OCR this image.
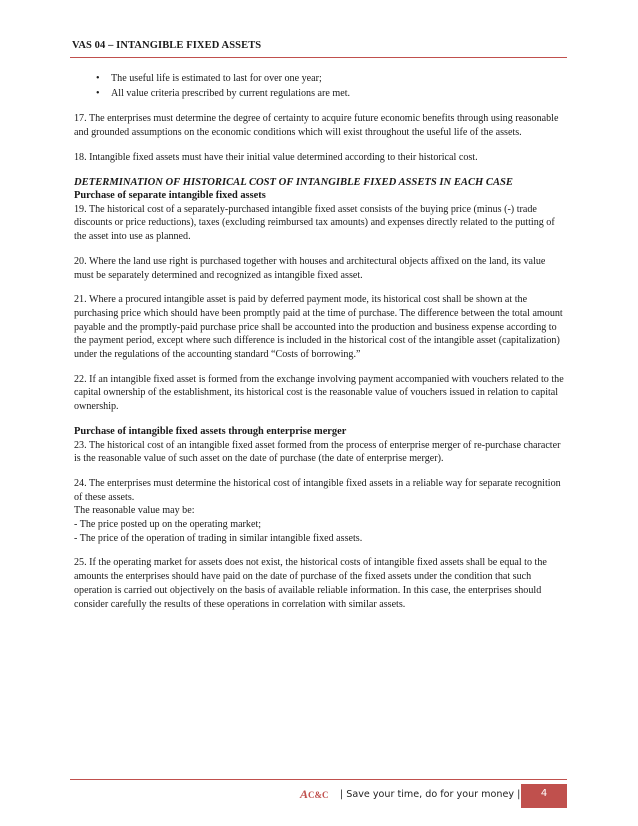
VAS 04 – INTANGIBLE FIXED ASSETS
• The useful life is estimated to last for over one year;
• All value criteria prescribed by current regulations are met.

17. The enterprises must determine the degree of certainty to acquire future economic benefits through using reasonable and grounded assumptions on the economic conditions which will exist throughout the useful life of the assets.

18. Intangible fixed assets must have their initial value determined according to their historical cost.

DETERMINATION OF HISTORICAL COST OF INTANGIBLE FIXED ASSETS IN EACH CASE

Purchase of separate intangible fixed assets

19. The historical cost of a separately-purchased intangible fixed asset consists of the buying price (minus (-) trade discounts or price reductions), taxes (excluding reimbursed tax amounts) and expenses directly related to the putting of the asset into use as planned.

20. Where the land use right is purchased together with houses and architectural objects affixed on the land, its value must be separately determined and recognized as intangible fixed asset.

21. Where a procured intangible asset is paid by deferred payment mode, its historical cost shall be shown at the purchasing price which should have been promptly paid at the time of purchase. The difference between the total amount payable and the promptly-paid purchase price shall be accounted into the production and business expense according to the payment period, except where such difference is included in the historical cost of the intangible asset (capitalization) under the regulations of the accounting standard “Costs of borrowing.”

22. If an intangible fixed asset is formed from the exchange involving payment accompanied with vouchers related to the capital ownership of the establishment, its historical cost is the reasonable value of vouchers issued in relation to capital ownership.

Purchase of intangible fixed assets through enterprise merger

23. The historical cost of an intangible fixed asset formed from the process of enterprise merger of re-purchase character is the reasonable value of such asset on the date of purchase (the date of enterprise merger).

24. The enterprises must determine the historical cost of intangible fixed assets in a reliable way for separate recognition of these assets.

The reasonable value may be:

- The price posted up on the operating market;

- The price of the operation of trading in similar intangible fixed assets.

25. If the operating market for assets does not exist, the historical costs of intangible fixed assets shall be equal to the amounts the enterprises should have paid on the date of purchase of the fixed assets under the condition that such operation is carried out objectively on the basis of available reliable information. In this case, the enterprises should consider carefully the results of these operations in correlation with similar assets.

AC&C | Save your time, do for your money |	4
